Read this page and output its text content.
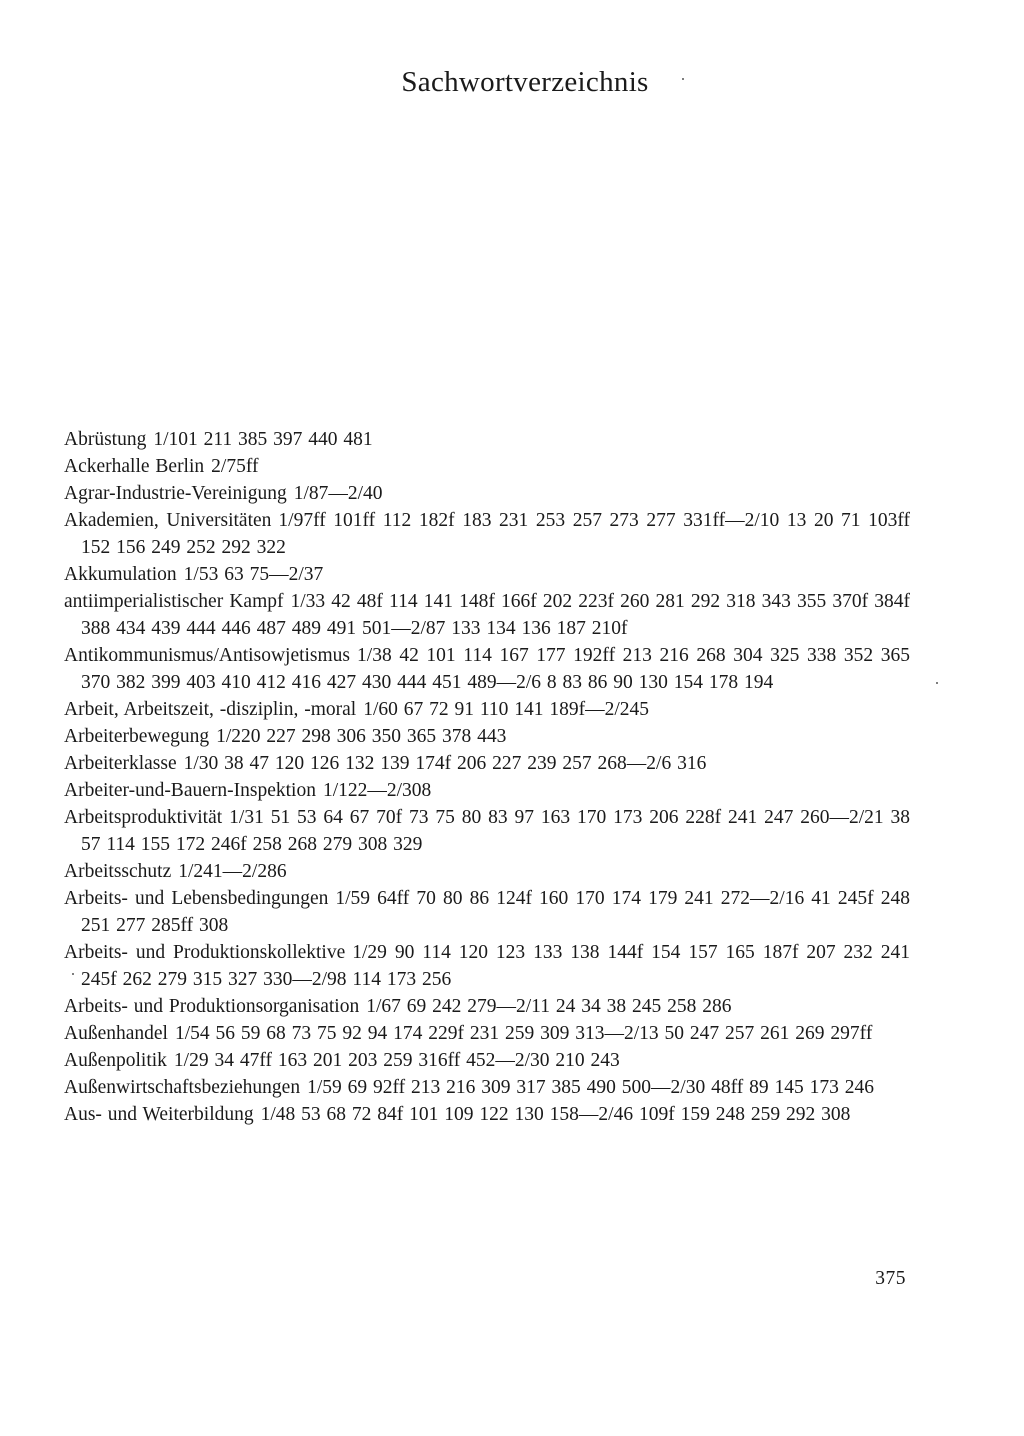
Sachwortverzeichnis
Abrüstung 1/101 211 385 397 440 481
Ackerhalle Berlin 2/75ff
Agrar-Industrie-Vereinigung 1/87—2/40
Akademien, Universitäten 1/97ff 101ff 112 182f 183 231 253 257 273 277 331ff—2/10 13 20 71 103ff 152 156 249 252 292 322
Akkumulation 1/53 63 75—2/37
antiimperialistischer Kampf 1/33 42 48f 114 141 148f 166f 202 223f 260 281 292 318 343 355 370f 384f 388 434 439 444 446 487 489 491 501—2/87 133 134 136 187 210f
Antikommunismus/Antisowjetismus 1/38 42 101 114 167 177 192ff 213 216 268 304 325 338 352 365 370 382 399 403 410 412 416 427 430 444 451 489—2/6 8 83 86 90 130 154 178 194
Arbeit, Arbeitszeit, -disziplin, -moral 1/60 67 72 91 110 141 189f—2/245
Arbeiterbewegung 1/220 227 298 306 350 365 378 443
Arbeiterklasse 1/30 38 47 120 126 132 139 174f 206 227 239 257 268—2/6 316
Arbeiter-und-Bauern-Inspektion 1/122—2/308
Arbeitsproduktivität 1/31 51 53 64 67 70f 73 75 80 83 97 163 170 173 206 228f 241 247 260—2/21 38 57 114 155 172 246f 258 268 279 308 329
Arbeitsschutz 1/241—2/286
Arbeits- und Lebensbedingungen 1/59 64ff 70 80 86 124f 160 170 174 179 241 272—2/16 41 245f 248 251 277 285ff 308
Arbeits- und Produktionskollektive 1/29 90 114 120 123 133 138 144f 154 157 165 187f 207 232 241 245f 262 279 315 327 330—2/98 114 173 256
Arbeits- und Produktionsorganisation 1/67 69 242 279—2/11 24 34 38 245 258 286
Außenhandel 1/54 56 59 68 73 75 92 94 174 229f 231 259 309 313—2/13 50 247 257 261 269 297ff
Außenpolitik 1/29 34 47ff 163 201 203 259 316ff 452—2/30 210 243
Außenwirtschaftsbeziehungen 1/59 69 92ff 213 216 309 317 385 490 500—2/30 48ff 89 145 173 246
Aus- und Weiterbildung 1/48 53 68 72 84f 101 109 122 130 158—2/46 109f 159 248 259 292 308
375
